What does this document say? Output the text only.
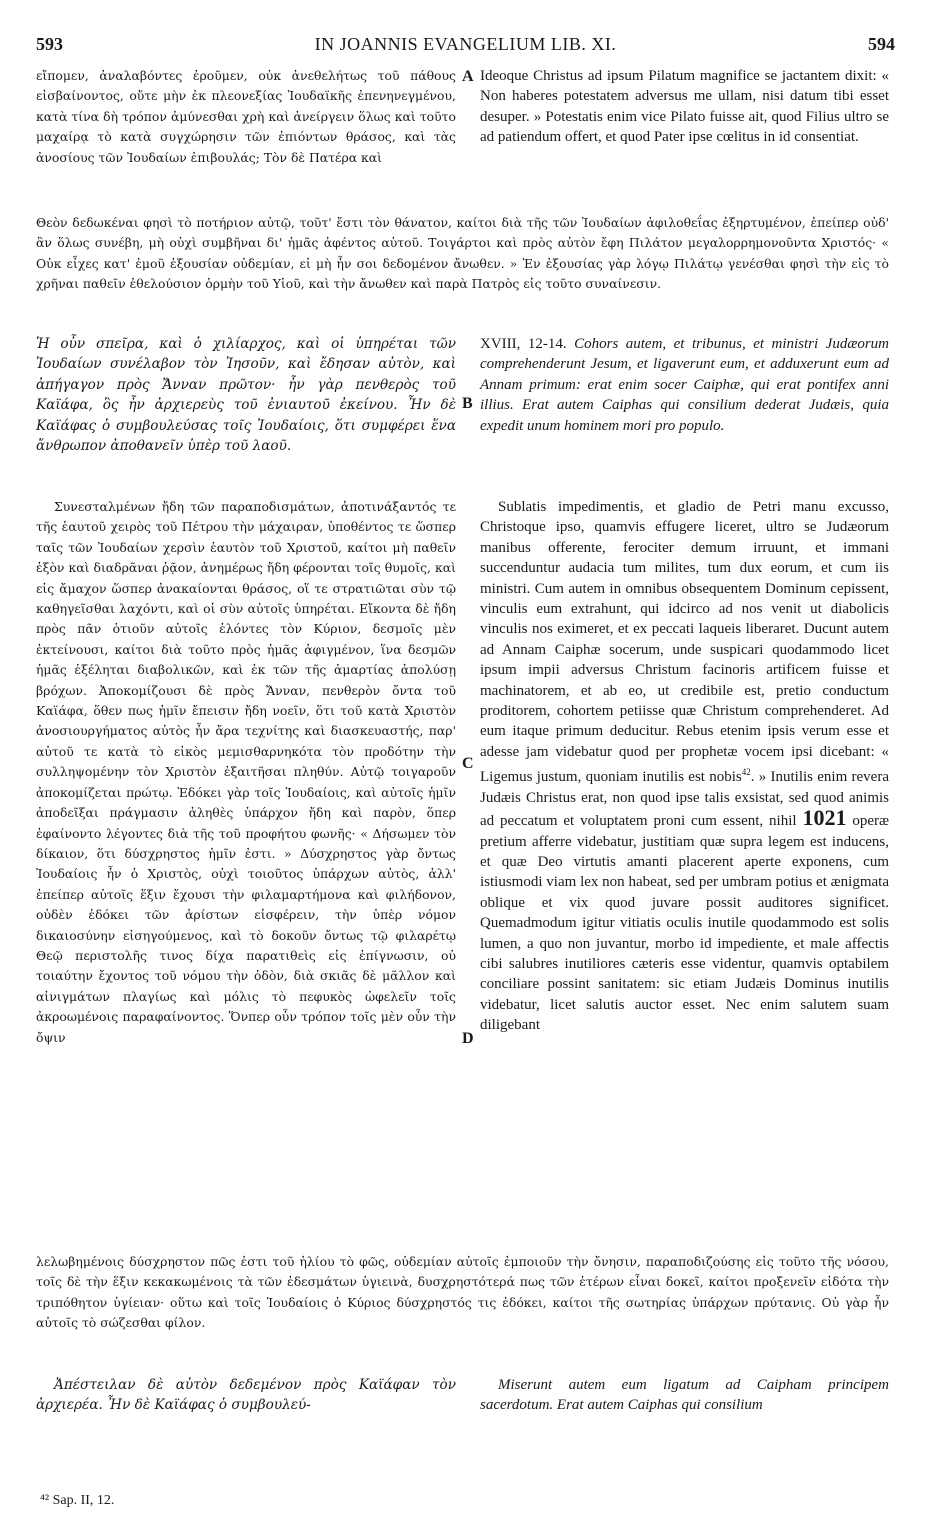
593	IN JOANNIS EVANGELIUM LIB. XI.	594
εἴπομεν, ἀναλαβόντες ἐροῦμεν, οὐκ ἀνεθελήτως τοῦ πάθους εἰσβαίνοντος, οὔτε μὴν ἐκ πλεονεξίας Ἰουδαϊκῆς ἐπενηνεγμένου, κατὰ τίνα δὴ τρόπον ἀμύνεσθαι χρὴ καὶ ἀνείργειν ὅλως καὶ τοῦτο μαχαίρᾳ τὸ κατὰ συγχώρησιν τῶν ἐπιόντων θράσος, καὶ τὰς ἀνοσίους τῶν Ἰουδαίων ἐπιβουλάς; Τὸν δὲ Πατέρα καὶ
A Ideoque Christus ad ipsum Pilatum magnifice se jactantem dixit: « Non haberes potestatem adversus me ullam, nisi datum tibi esset desuper. » Potestatis enim vice Pilato fuisse ait, quod Filius ultro se ad patiendum offert, et quod Pater ipse cœlitus in id consentiat.
Θεὸν δεδωκέναι φησὶ τὸ ποτήριον αὐτῷ, τοῦτ' ἔστι τὸν θάνατον, καίτοι διὰ τῆς τῶν Ἰουδαίων ἀφιλοθεΐας ἐξηρτυμένον, ἐπείπερ οὐδ' ἂν ὅλως συνέβη, μὴ οὐχὶ συμβῆναι δι' ἡμᾶς ἀφέντος αὐτοῦ. Τοιγάρτοι καὶ πρὸς αὐτὸν ἔφη Πιλάτον μεγαλορρημονοῦντα Χριστός· « Οὐκ εἶχες κατ' ἐμοῦ ἐξουσίαν οὐδεμίαν, εἰ μὴ ἦν σοι δεδομένον ἄνωθεν. » Ἐν ἐξουσίας γὰρ λόγῳ Πιλάτῳ γενέσθαι φησὶ τὴν εἰς τὸ χρῆναι παθεῖν ἐθελούσιον ὁρμὴν τοῦ Υἱοῦ, καὶ τὴν ἄνωθεν καὶ παρὰ Πατρὸς εἰς τοῦτο συναίνεσιν.
Ἡ οὖν σπεῖρα, καὶ ὁ χιλίαρχος, καὶ οἱ ὑπηρέται τῶν Ἰουδαίων συνέλαβον τὸν Ἰησοῦν, καὶ ἔδησαν αὐτὸν, καὶ ἀπήγαγον πρὸς Ἄνναν πρῶτον· ἦν γὰρ πενθερὸς τοῦ Καϊάφα, ὃς ἦν ἀρχιερεὺς τοῦ ἐνιαυτοῦ ἐκείνου. Ἦν δὲ Καϊάφας ὁ συμβουλεύσας τοῖς Ἰουδαίοις, ὅτι συμφέρει ἕνα ἄνθρωπον ἀποθανεῖν ὑπὲρ τοῦ λαοῦ.
B
XVIII, 12-14. Cohors autem, et tribunus, et ministri Judæorum comprehenderunt Jesum, et ligaverunt eum, et adduxerunt eum ad Annam primum: erat enim socer Caiphæ, qui erat pontifex anni illius. Erat autem Caiphas qui consilium dederat Judæis, quia expedit unum hominem mori pro populo.
Συνεσταλμένων ἤδη τῶν παραποδισμάτων, ἀποτινάξαντός τε τῆς ἑαυτοῦ χειρὸς τοῦ Πέτρου τὴν μάχαιραν, ὑποθέντος τε ὥσπερ ταῖς τῶν Ἰουδαίων χερσὶν ἑαυτὸν τοῦ Χριστοῦ, καίτοι μὴ παθεῖν ἐξὸν καὶ διαδρᾶναι ῥᾷον, ἀνημέρως ἤδη φέρονται τοῖς θυμοῖς, καὶ εἰς ἄμαχον ὥσπερ ἀνακαίονται θράσος, οἵ τε στρατιῶται σὺν τῷ καθηγεῖσθαι λαχόντι, καὶ οἱ σὺν αὐτοῖς ὑπηρέται. Εἴκοντα δὲ ἤδη πρὸς πᾶν ὁτιοῦν αὐτοῖς ἑλόντες τὸν Κύριον, δεσμοῖς μὲν ἐκτείνουσι, καίτοι διὰ τοῦτο πρὸς ἡμᾶς ἀφιγμένον, ἵνα δεσμῶν ἡμᾶς ἐξέληται διαβολικῶν, καὶ ἐκ τῶν τῆς ἁμαρτίας ἀπολύσῃ βρόχων. Ἀποκομίζουσι δὲ πρὸς Ἄνναν, πενθερὸν ὄντα τοῦ Καϊάφα, ὅθεν πως ἡμῖν ἔπεισιν ἤδη νοεῖν, ὅτι τοῦ κατὰ Χριστὸν ἀνοσιουργήματος αὐτὸς ἦν ἄρα τεχνίτης καὶ διασκευαστής, παρ' αὐτοῦ τε κατὰ τὸ εἰκὸς μεμισθαρνηκότα τὸν προδότην τὴν συλληψομένην τὸν Χριστὸν ἐξαιτῆσαι πληθύν. Αὐτῷ τοιγαροῦν ἀποκομίζεται πρώτῳ. Ἐδόκει γὰρ τοῖς Ἰουδαίοις, καὶ αὐτοῖς ἡμῖν ἀποδεῖξαι πράγμασιν ἀληθὲς ὑπάρχον ἤδη καὶ παρὸν, ὅπερ ἐφαίνοντο λέγοντες διὰ τῆς τοῦ προφήτου φωνῆς· « Δήσωμεν τὸν δίκαιον, ὅτι δύσχρηστος ἡμῖν ἐστι. » Δύσχρηστος γὰρ ὄντως Ἰουδαίοις ἦν ὁ Χριστὸς, οὐχὶ τοιοῦτος ὑπάρχων αὐτὸς, ἀλλ' ἐπείπερ αὐτοῖς ἕξιν ἔχουσι τὴν φιλαμαρτήμονα καὶ φιλήδονον, οὐδὲν ἐδόκει τῶν ἀρίστων εἰσφέρειν, τὴν ὑπὲρ νόμον δικαιοσύνην εἰσηγούμενος, καὶ τὸ δοκοῦν ὄντως τῷ φιλαρέτῳ Θεῷ περιστολῆς τινος δίχα παρατιθεὶς εἰς ἐπίγνωσιν, οὐ τοιαύτην ἔχοντος τοῦ νόμου τὴν ὁδὸν, διὰ σκιᾶς δὲ μᾶλλον καὶ αἰνιγμάτων πλαγίως καὶ μόλις τὸ πεφυκὸς ὠφελεῖν τοῖς ἀκροωμένοις παραφαίνοντος. Ὅνπερ οὖν τρόπον τοῖς μὲν οὖν τὴν ὄψιν
C
D
Sublatis impedimentis, et gladio de Petri manu excusso, Christoque ipso, quamvis effugere liceret, ultro se Judæorum manibus offerente, ferociter demum irruunt, et immani succenduntur audacia tum milites, tum dux eorum, et cum iis ministri. Cum autem in omnibus obsequentem Dominum cepissent, vinculis eum extrahunt, qui idcirco ad nos venit ut diabolicis vinculis nos eximeret, et ex peccati laqueis liberaret. Ducunt autem ad Annam Caiphæ socerum, unde suspicari quodammodo licet ipsum impii adversus Christum facinoris artificem fuisse et machinatorem, et ab eo, ut credibile est, pretio conductum proditorem, cohortem petiisse quæ Christum comprehenderet. Ad eum itaque primum deducitur. Rebus etenim ipsis verum esse et adesse jam videbatur quod per prophetæ vocem ipsi dicebant: « Ligemus justum, quoniam inutilis est nobis$^{42}$. » Inutilis enim revera Judæis Christus erat, non quod ipse talis exsistat, sed quod animis ad peccatum et voluptatem proni cum essent, nihil 1021 operæ pretium afferre videbatur, justitiam quæ supra legem est inducens, et quæ Deo virtutis amanti placerent aperte exponens, cum istiusmodi viam lex non habeat, sed per umbram potius et ænigmata oblique et vix quod juvare possit auditores significet. Quemadmodum igitur vitiatis oculis inutile quodammodo est solis lumen, a quo non juvantur, morbo id impediente, et male affectis cibi salubres inutiliores cæteris esse videntur, quamvis optabilem conciliare possint sanitatem: sic etiam Judæis Dominus inutilis videbatur, licet salutis auctor esset. Nec enim salutem suam diligebant
λελωβημένοις δύσχρηστον πῶς ἐστι τοῦ ἡλίου τὸ φῶς, οὐδεμίαν αὐτοῖς ἐμποιοῦν τὴν ὄνησιν, παραποδιζούσης εἰς τοῦτο τῆς νόσου, τοῖς δὲ τὴν ἕξιν κεκακωμένοις τὰ τῶν ἐδεσμάτων ὑγιεινὰ, δυσχρηστότερά πως τῶν ἑτέρων εἶναι δοκεῖ, καίτοι προξενεῖν εἰδότα τὴν τριπόθητον ὑγίειαν· οὕτω καὶ τοῖς Ἰουδαίοις ὁ Κύριος δύσχρηστός τις ἐδόκει, καίτοι τῆς σωτηρίας ὑπάρχων πρύτανις. Οὐ γὰρ ἦν αὐτοῖς τὸ σώζεσθαι φίλον.
Ἀπέστειλαν δὲ αὐτὸν δεδεμένον πρὸς Καϊάφαν τὸν ἀρχιερέα. Ἦν δὲ Καϊάφας ὁ συμβουλεύ-
Miserunt autem eum ligatum ad Caipham principem sacerdotum. Erat autem Caiphas qui consilium
⁴² Sap. II, 12.
